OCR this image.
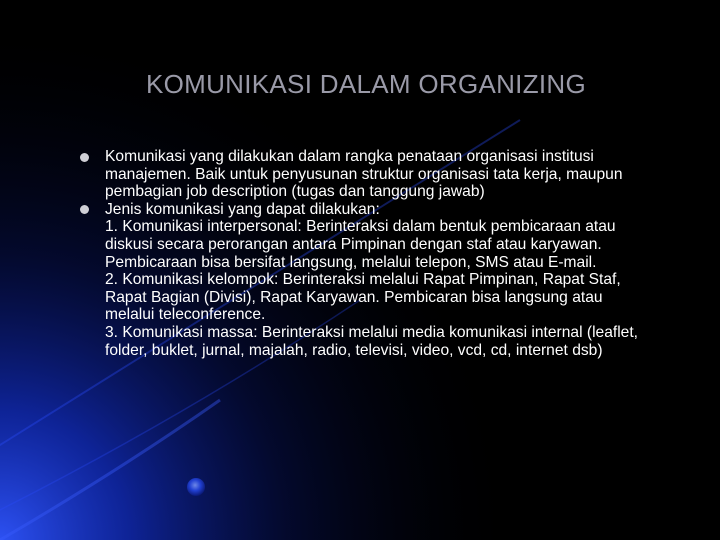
KOMUNIKASI DALAM ORGANIZING
Komunikasi yang dilakukan dalam rangka penataan organisasi institusi manajemen. Baik untuk penyusunan struktur organisasi tata kerja, maupun pembagian job description (tugas dan tanggung jawab)
Jenis komunikasi yang dapat dilakukan:
1. Komunikasi interpersonal: Berinteraksi dalam bentuk pembicaraan atau diskusi secara perorangan antara Pimpinan dengan staf atau karyawan. Pembicaraan bisa bersifat langsung, melalui telepon, SMS atau E-mail.
2. Komunikasi kelompok: Berinteraksi melalui Rapat Pimpinan, Rapat Staf, Rapat Bagian (Divisi), Rapat Karyawan. Pembicaran bisa langsung atau melalui teleconference.
3. Komunikasi massa: Berinteraksi melalui media komunikasi internal (leaflet, folder, buklet, jurnal, majalah, radio, televisi, video, vcd, cd, internet dsb)
